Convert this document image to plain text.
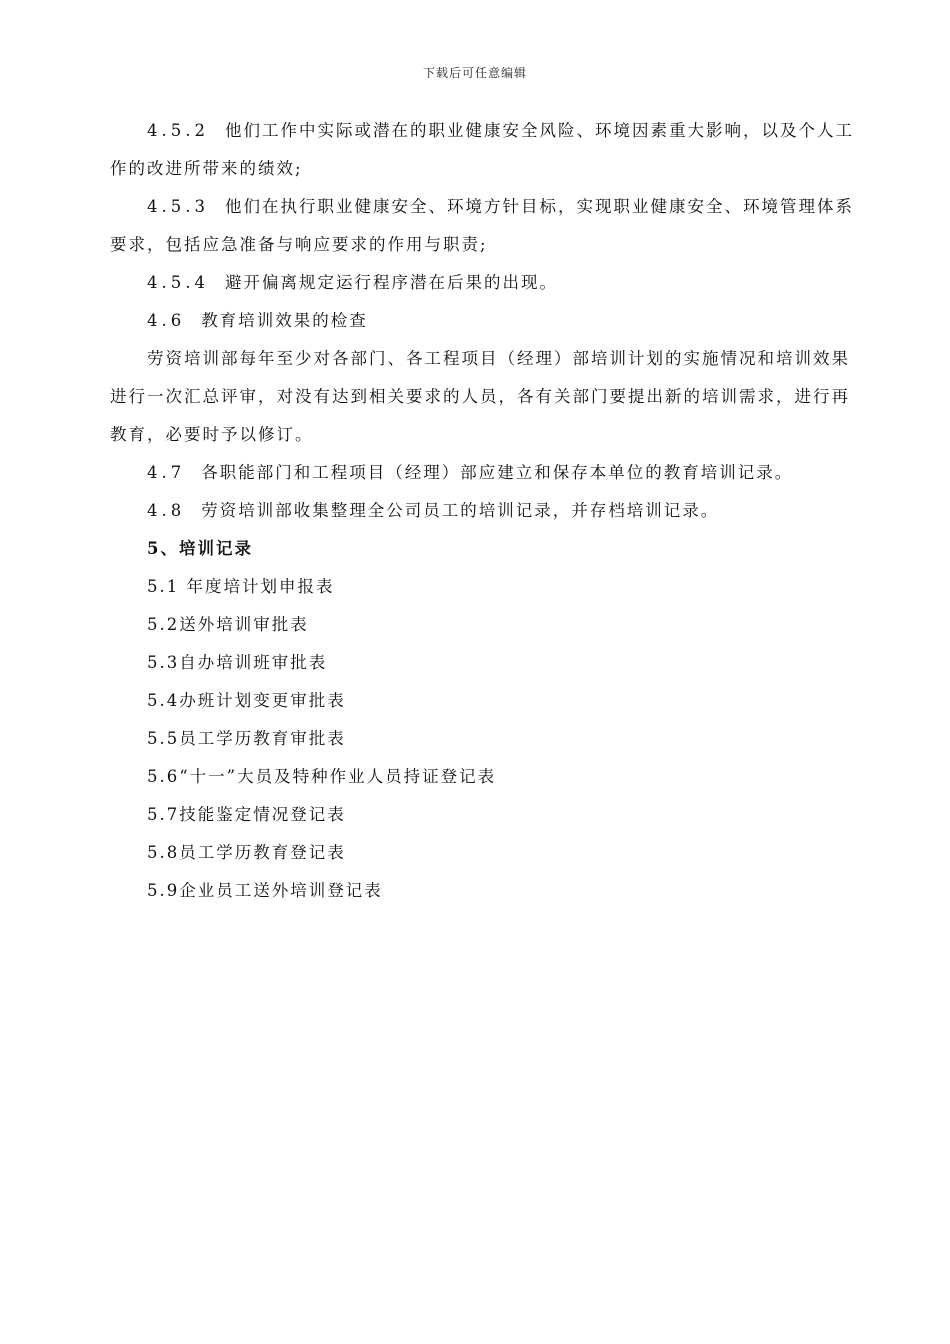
下载后可任意编辑

4.5.2 他们工作中实际或潜在的职业健康安全风险、环境因素重大影响，以及个人工作的改进所带来的绩效;

4.5.3 他们在执行职业健康安全、环境方针目标，实现职业健康安全、环境管理体系要求，包括应急准备与响应要求的作用与职责;

4.5.4 避开偏离规定运行程序潜在后果的出现。

4.6 教育培训效果的检查

劳资培训部每年至少对各部门、各工程项目（经理）部培训计划的实施情况和培训效果进行一次汇总评审，对没有达到相关要求的人员，各有关部门要提出新的培训需求，进行再教育，必要时予以修订。

4.7 各职能部门和工程项目（经理）部应建立和保存本单位的教育培训记录。

4.8 劳资培训部收集整理全公司员工的培训记录，并存档培训记录。

5、培训记录

5.1 年度培计划申报表

5.2送外培训审批表

5.3自办培训班审批表

5.4办班计划变更审批表

5.5员工学历教育审批表

5.6“十一”大员及特种作业人员持证登记表

5.7技能鉴定情况登记表

5.8员工学历教育登记表

5.9企业员工送外培训登记表
